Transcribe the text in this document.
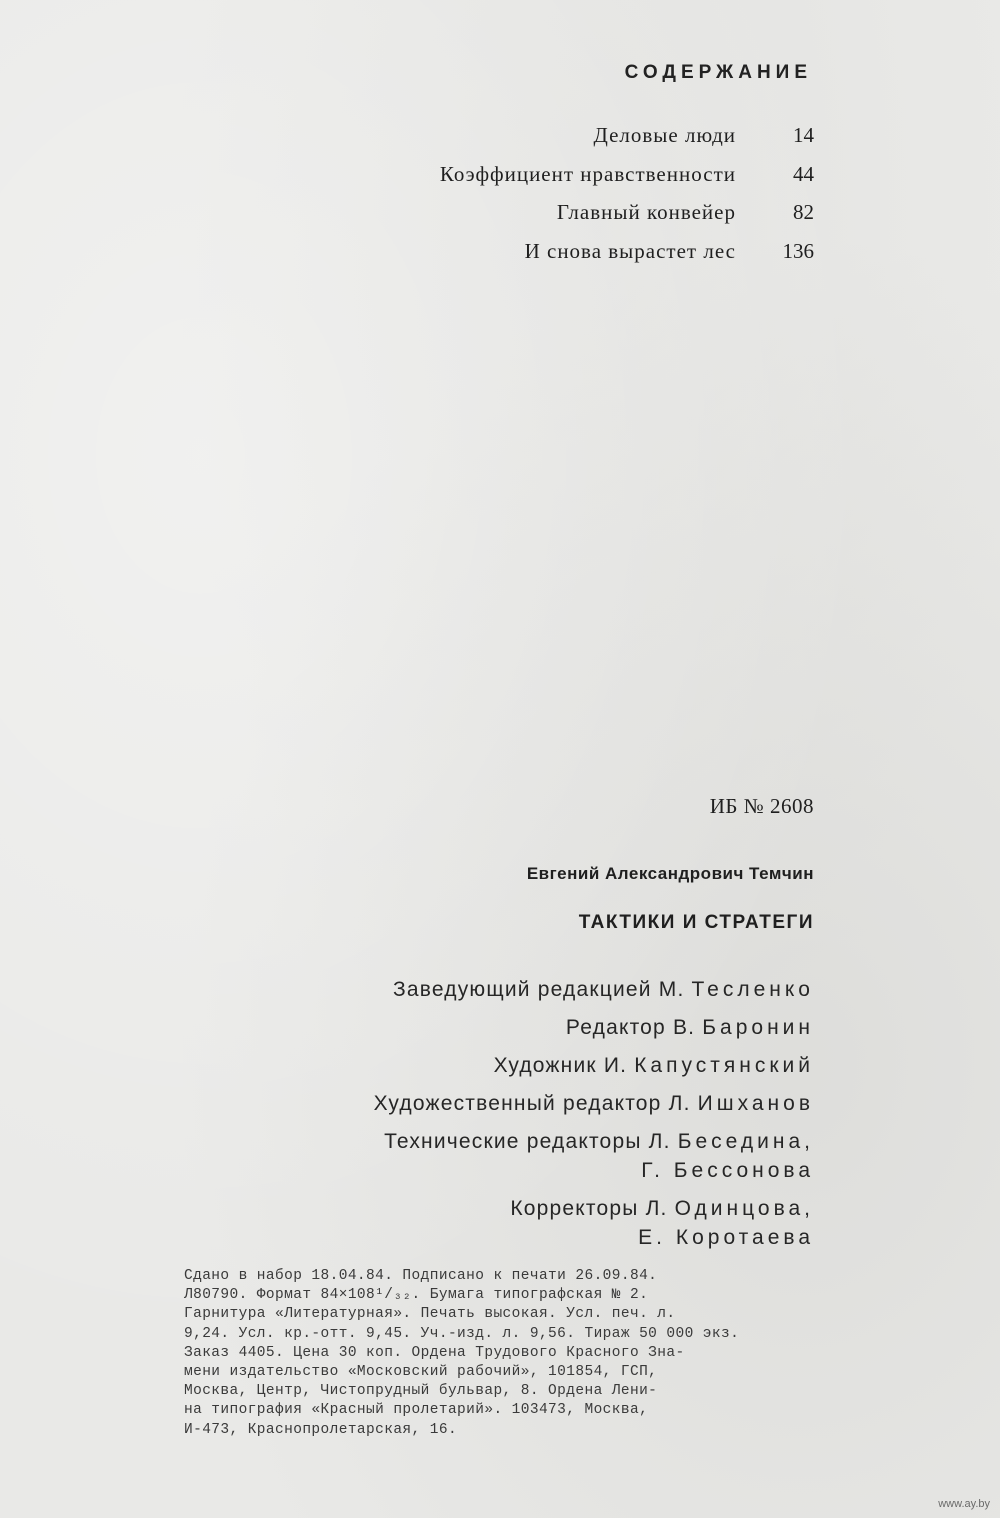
СОДЕРЖАНИЕ
Деловые люди	14
Коэффициент нравственности	44
Главный конвейер	82
И снова вырастет лес	136
ИБ № 2608
Евгений Александрович Темчин
ТАКТИКИ И СТРАТЕГИ
Заведующий редакцией М. Тесленко
Редактор В. Баронин
Художник И. Капустянский
Художественный редактор Л. Ишханов
Технические редакторы Л. Беседина,
Г. Бессонова
Корректоры Л. Одинцова,
Е. Коротаева
Сдано в набор 18.04.84. Подписано к печати 26.09.84.
Л80790. Формат 84×108¹/₃₂. Бумага типографская № 2.
Гарнитура «Литературная». Печать высокая. Усл. печ. л.
9,24. Усл. кр.-отт. 9,45. Уч.-изд. л. 9,56. Тираж 50 000 экз.
Заказ 4405. Цена 30 коп. Ордена Трудового Красного Зна-
мени издательство «Московский рабочий», 101854, ГСП,
Москва, Центр, Чистопрудный бульвар, 8. Ордена Лени-
на типография «Красный пролетарий». 103473, Москва,
И-473, Краснопролетарская, 16.
www.ay.by
